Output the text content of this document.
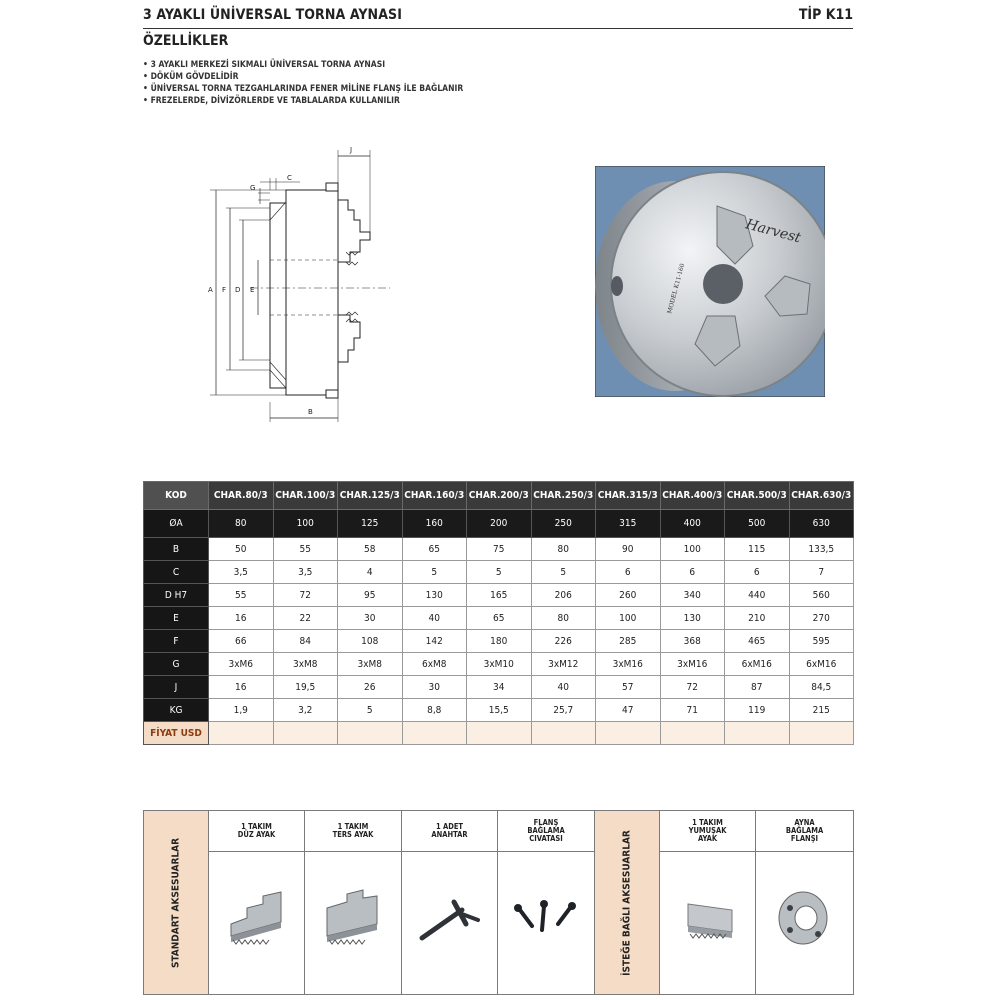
3 AYAKLI ÜNİVERSAL TORNA AYNASI	TİP K11
ÖZELLİKLER
• 3 AYAKLI MERKEZİ SIKMALI ÜNİVERSAL TORNA AYNASI
• DÖKÜM GÖVDELİDİR
• ÜNİVERSAL TORNA TEZGAHLARINDA FENER MİLİNE FLANŞ İLE BAĞLANIR
• FREZELERDE, DİVİZÖRLERDE VE TABLALARDA KULLANILIR
A F D E
B
C
G
J
Harvest
MODEL K11-160
KOD	CHAR.80/3	CHAR.100/3	CHAR.125/3	CHAR.160/3	CHAR.200/3	CHAR.250/3	CHAR.315/3	CHAR.400/3	CHAR.500/3	CHAR.630/3
ØA	80	100	125	160	200	250	315	400	500	630
B	50	55	58	65	75	80	90	100	115	133,5
C	3,5	3,5	4	5	5	5	6	6	6	7
D H7	55	72	95	130	165	206	260	340	440	560
E	16	22	30	40	65	80	100	130	210	270
F	66	84	108	142	180	226	285	368	465	595
G	3xM6	3xM8	3xM8	6xM8	3xM10	3xM12	3xM16	3xM16	6xM16	6xM16
J	16	19,5	26	30	34	40	57	72	87	84,5
KG	1,9	3,2	5	8,8	15,5	25,7	47	71	119	215
FİYAT USD										
STANDART AKSESUARLAR
1 TAKIM
DÜZ AYAK
1 TAKIM
TERS AYAK
1 ADET
ANAHTAR
FLANŞ
BAĞLAMA
CIVATASI	İSTEĞE BAĞLI AKSESUARLAR
1 TAKIM
YUMUŞAK
AYAK
AYNA
BAĞLAMA
FLANŞI
